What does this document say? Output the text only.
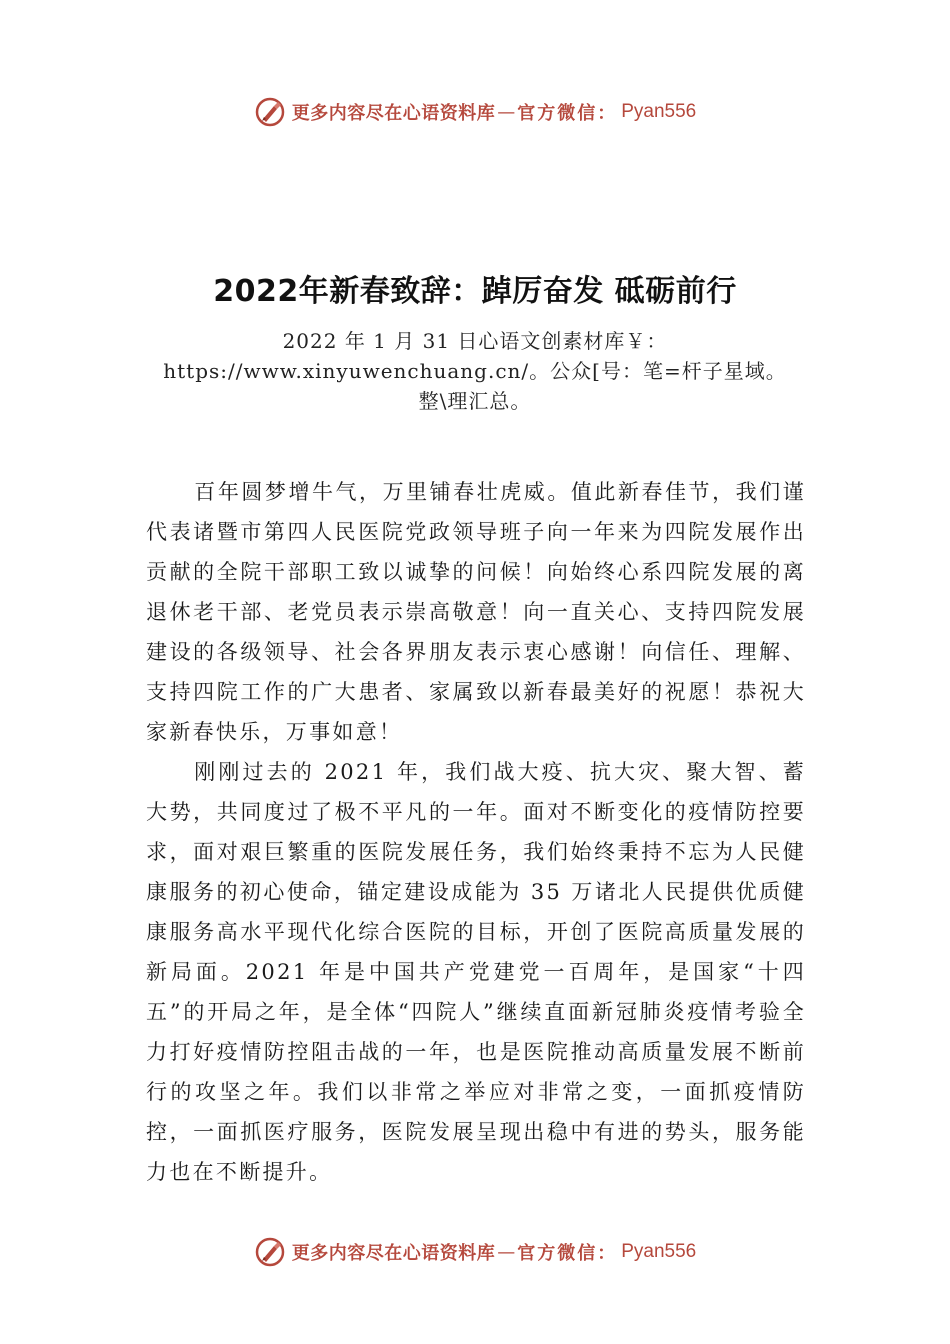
更多内容尽在心语资料库 — 官方微信： Pyan556
2022年新春致辞：踔厉奋发 砥砺前行
2022 年 1 月 31 日心语文创素材库￥：
https://www.xinyuwenchuang.cn/。公众[号：笔=杆子星域。
整\理汇总。

百年圆梦增牛气，万里铺春壮虎威。值此新春佳节，我们谨代表诸暨市第四人民医院党政领导班子向一年来为四院发展作出贡献的全院干部职工致以诚挚的问候！向始终心系四院发展的离退休老干部、老党员表示崇高敬意！向一直关心、支持四院发展建设的各级领导、社会各界朋友表示衷心感谢！向信任、理解、支持四院工作的广大患者、家属致以新春最美好的祝愿！恭祝大家新春快乐，万事如意！

刚刚过去的 2021 年，我们战大疫、抗大灾、聚大智、蓄大势，共同度过了极不平凡的一年。面对不断变化的疫情防控要求，面对艰巨繁重的医院发展任务，我们始终秉持不忘为人民健康服务的初心使命，锚定建设成能为 35 万诸北人民提供优质健康服务高水平现代化综合医院的目标，开创了医院高质量发展的新局面。2021 年是中国共产党建党一百周年，是国家“十四五”的开局之年，是全体“四院人”继续直面新冠肺炎疫情考验全力打好疫情防控阻击战的一年，也是医院推动高质量发展不断前行的攻坚之年。我们以非常之举应对非常之变，一面抓疫情防控，一面抓医疗服务，医院发展呈现出稳中有进的势头，服务能力也在不断提升。

更多内容尽在心语资料库 — 官方微信： Pyan556
